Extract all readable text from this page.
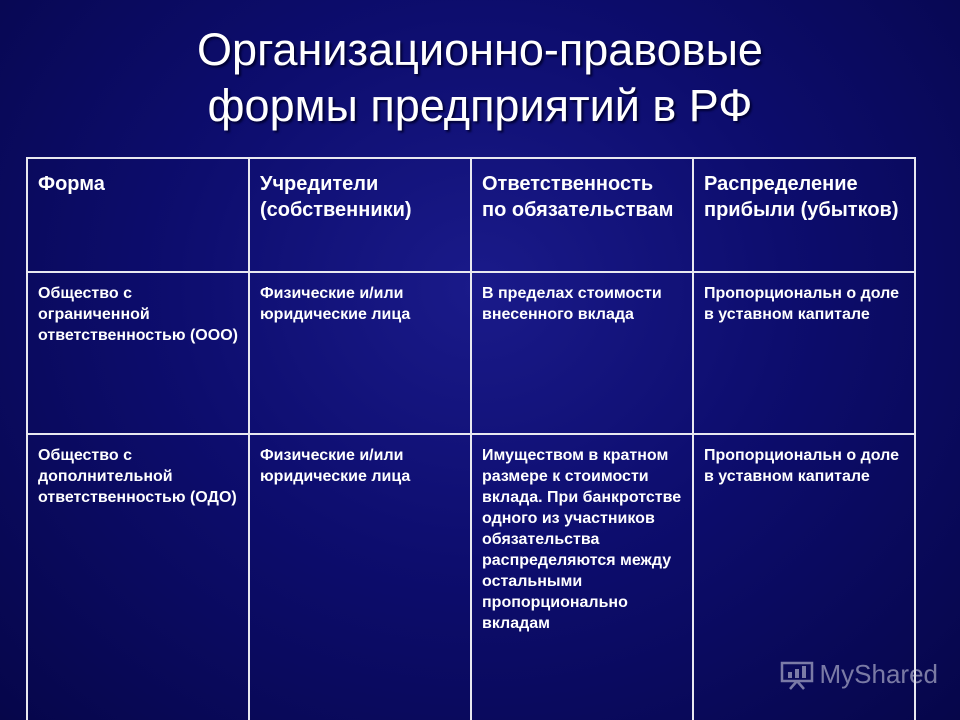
Организационно-правовые
формы предприятий в РФ
Форма	Учредители (собственники)	Ответственность по обязательствам	Распределение прибыли (убытков)
Общество с ограниченной ответственностью (ООО)	Физические и/или юридические лица	В пределах стоимости внесенного вклада	Пропорциональн о доле в уставном капитале
Общество с дополнительной ответственностью (ОДО)	Физические и/или юридические лица	Имуществом в кратном размере к стоимости вклада. При банкротстве одного из участников обязательства распределяются между остальными пропорционально вкладам	Пропорциональн о доле в уставном капитале
MyShared
